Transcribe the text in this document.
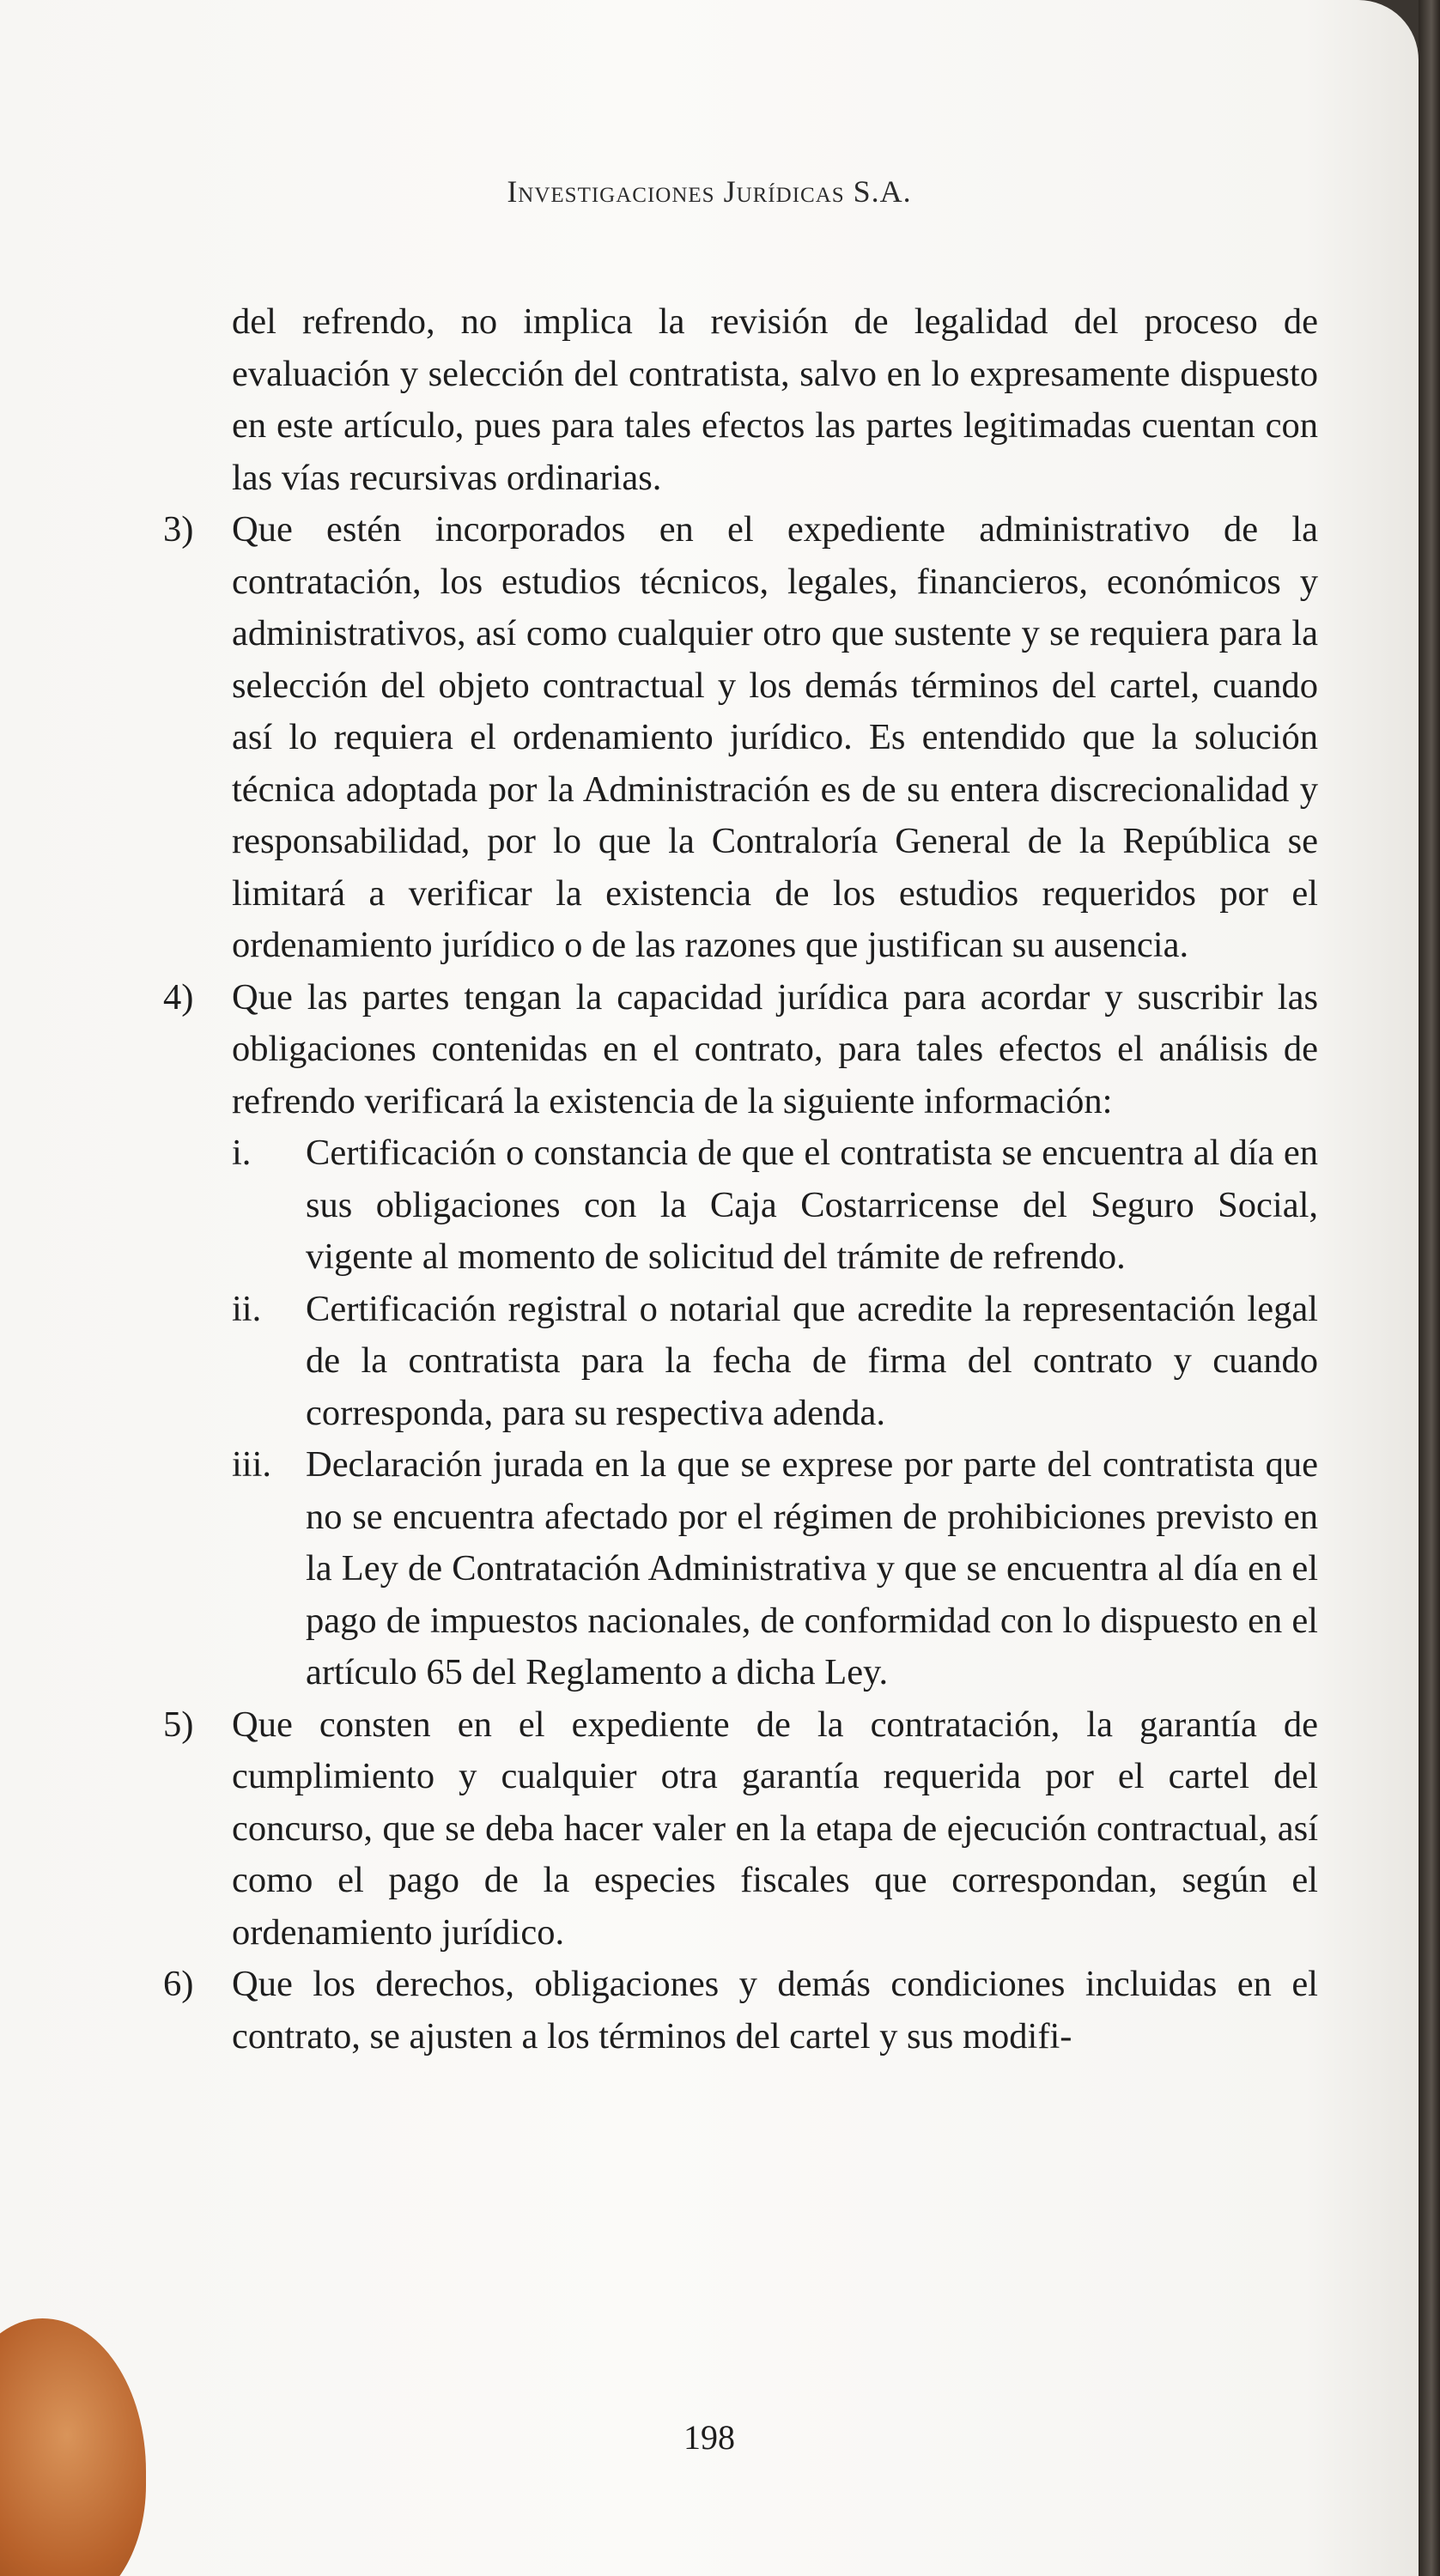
Investigaciones Jurídicas S.A.

del refrendo, no implica la revisión de legalidad del proceso de evaluación y selección del contratista, salvo en lo expresamente dispuesto en este artículo, pues para tales efectos las partes legitimadas cuentan con las vías recursivas ordinarias.

3)	Que estén incorporados en el expediente administrativo de la contratación, los estudios técnicos, legales, financieros, económicos y administrativos, así como cualquier otro que sustente y se requiera para la selección del objeto contractual y los demás términos del cartel, cuando así lo requiera el ordenamiento jurídico. Es entendido que la solución técnica adoptada por la Administración es de su entera discrecionalidad y responsabilidad, por lo que la Contraloría General de la República se limitará a verificar la existencia de los estudios requeridos por el ordenamiento jurídico o de las razones que justifican su ausencia.
4)	Que las partes tengan la capacidad jurídica para acordar y suscribir las obligaciones contenidas en el contrato, para tales efectos el análisis de refrendo verificará la existencia de la siguiente información:
i.	Certificación o constancia de que el contratista se encuentra al día en sus obligaciones con la Caja Costarricense del Seguro Social, vigente al momento de solicitud del trámite de refrendo.
ii.	Certificación registral o notarial que acredite la representación legal de la contratista para la fecha de firma del contrato y cuando corresponda, para su respectiva adenda.
iii. Declaración jurada en la que se exprese por parte del contratista que no se encuentra afectado por el régimen de prohibiciones previsto en la Ley de Contratación Administrativa y que se encuentra al día en el pago de impuestos nacionales, de conformidad con lo dispuesto en el artículo 65 del Reglamento a dicha Ley.
5)	Que consten en el expediente de la contratación, la garantía de cumplimiento y cualquier otra garantía requerida por el cartel del concurso, que se deba hacer valer en la etapa de ejecución contractual, así como el pago de la especies fiscales que correspondan, según el ordenamiento jurídico.
6)	Que los derechos, obligaciones y demás condiciones incluidas en el contrato, se ajusten a los términos del cartel y sus modifi-
198
